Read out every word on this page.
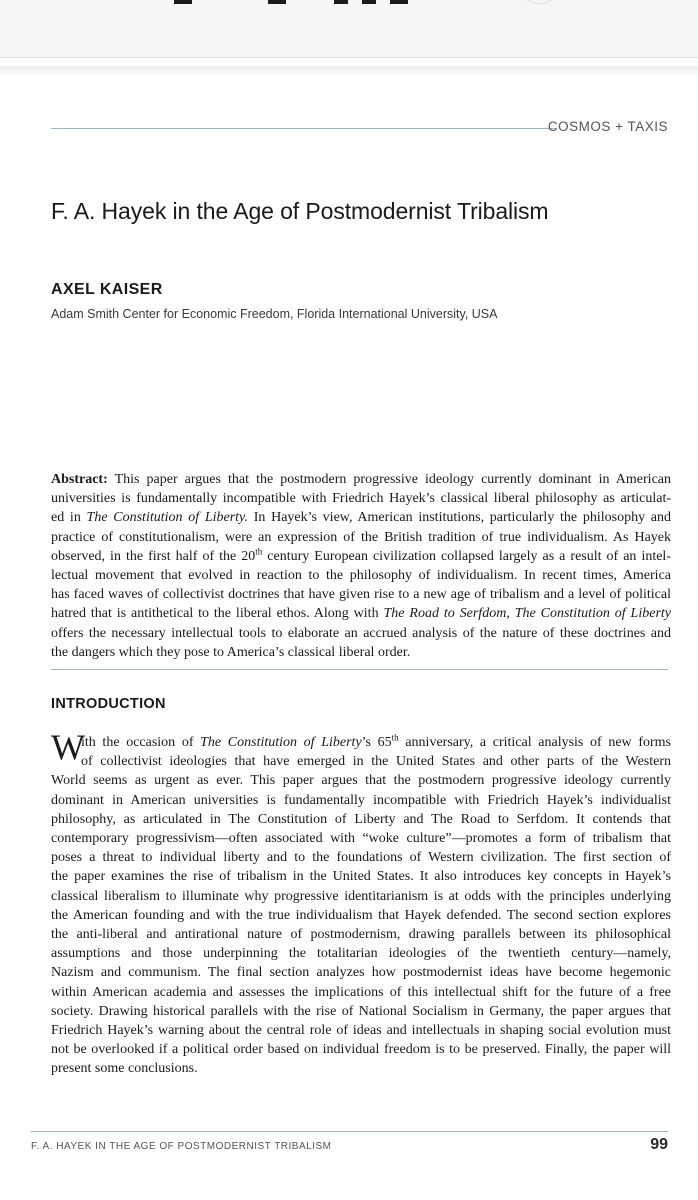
COSMOS + TAXIS
F. A. Hayek in the Age of Postmodernist Tribalism
AXEL KAISER
Adam Smith Center for Economic Freedom, Florida International University, USA
Abstract: This paper argues that the postmodern progressive ideology currently dominant in American
universities is fundamentally incompatible with Friedrich Hayek’s classical liberal philosophy as articulat-
ed in The Constitution of Liberty. In Hayek’s view, American institutions, particularly the philosophy and
practice of constitutionalism, were an expression of the British tradition of true individualism. As Hayek
observed, in the first half of the 20th century European civilization collapsed largely as a result of an intel-
lectual movement that evolved in reaction to the philosophy of individualism. In recent times, America
has faced waves of collectivist doctrines that have given rise to a new age of tribalism and a level of political
hatred that is antithetical to the liberal ethos. Along with The Road to Serfdom, The Constitution of Liberty
offers the necessary intellectual tools to elaborate an accrued analysis of the nature of these doctrines and
the dangers which they pose to America’s classical liberal order.
INTRODUCTION
W
ith the occasion of The Constitution of Liberty’s 65th anniversary, a critical analysis of new forms
of collectivist ideologies that have emerged in the United States and other parts of the Western
World seems as urgent as ever. This paper argues that the postmodern progressive ideology currently
dominant in American universities is fundamentally incompatible with Friedrich Hayek’s individualist
philosophy, as articulated in The Constitution of Liberty and The Road to Serfdom. It contends that
contemporary progressivism—often associated with “woke culture”—promotes a form of tribalism that
poses a threat to individual liberty and to the foundations of Western civilization. The first section of
the paper examines the rise of tribalism in the United States. It also introduces key concepts in Hayek’s
classical liberalism to illuminate why progressive identitarianism is at odds with the principles underlying
the American founding and with the true individualism that Hayek defended. The second section explores
the anti-liberal and antirational nature of postmodernism, drawing parallels between its philosophical
assumptions and those underpinning the totalitarian ideologies of the twentieth century—namely,
Nazism and communism. The final section analyzes how postmodernist ideas have become hegemonic
within American academia and assesses the implications of this intellectual shift for the future of a free
society. Drawing historical parallels with the rise of National Socialism in Germany, the paper argues that
Friedrich Hayek’s warning about the central role of ideas and intellectuals in shaping social evolution must
not be overlooked if a political order based on individual freedom is to be preserved. Finally, the paper will
present some conclusions.
F. A. HAYEK IN THE AGE OF POSTMODERNIST TRIBALISM	99
